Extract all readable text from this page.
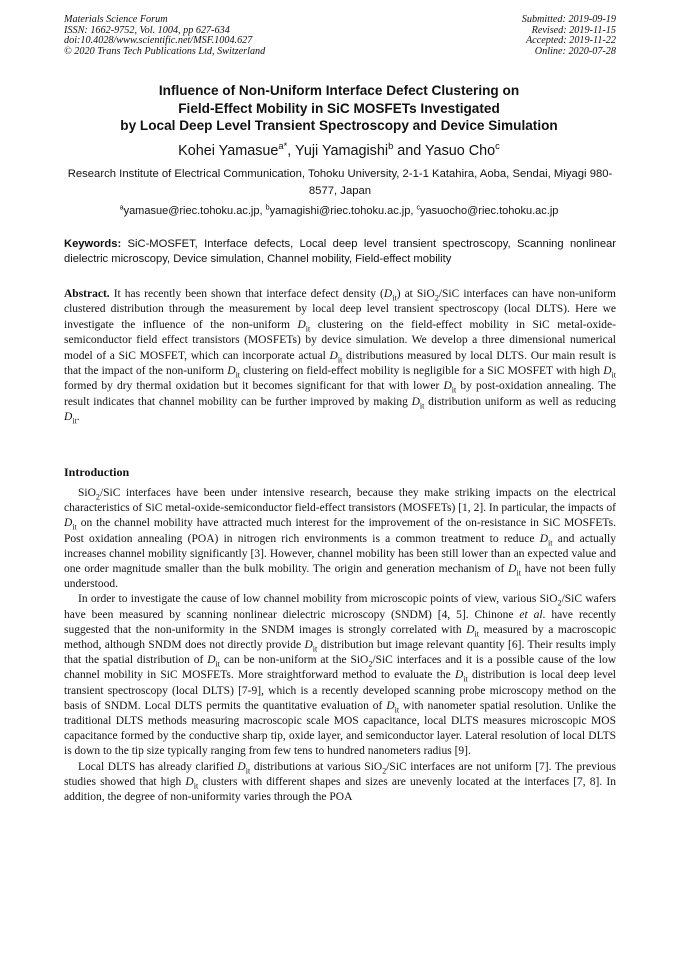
Materials Science Forum
ISSN: 1662-9752, Vol. 1004, pp 627-634
doi:10.4028/www.scientific.net/MSF.1004.627
© 2020 Trans Tech Publications Ltd, Switzerland
Submitted: 2019-09-19
Revised: 2019-11-15
Accepted: 2019-11-22
Online: 2020-07-28
Influence of Non-Uniform Interface Defect Clustering on
Field-Effect Mobility in SiC MOSFETs Investigated
by Local Deep Level Transient Spectroscopy and Device Simulation
Kohei Yamasue$^{a*}$, Yuji Yamagishi$^b$ and Yasuo Cho$^c$
Research Institute of Electrical Communication, Tohoku University, 2-1-1 Katahira, Aoba, Sendai, Miyagi 980-8577, Japan
$^a$yamasue@riec.tohoku.ac.jp, $^b$yamagishi@riec.tohoku.ac.jp, $^c$yasuocho@riec.tohoku.ac.jp
Keywords: SiC-MOSFET, Interface defects, Local deep level transient spectroscopy, Scanning nonlinear dielectric microscopy, Device simulation, Channel mobility, Field-effect mobility
Abstract. It has recently been shown that interface defect density $(D_{it})$ at SiO$_2$/SiC interfaces can have non-uniform clustered distribution through the measurement by local deep level transient spectroscopy (local DLTS). Here we investigate the influence of the non-uniform $D_{it}$ clustering on the field-effect mobility in SiC metal-oxide-semiconductor field effect transistors (MOSFETs) by device simulation. We develop a three dimensional numerical model of a SiC MOSFET, which can incorporate actual $D_{it}$ distributions measured by local DLTS. Our main result is that the impact of the non-uniform $D_{it}$ clustering on field-effect mobility is negligible for a SiC MOSFET with high $D_{it}$ formed by dry thermal oxidation but it becomes significant for that with lower $D_{it}$ by post-oxidation annealing. The result indicates that channel mobility can be further improved by making $D_{it}$ distribution uniform as well as reducing $D_{it}$.
Introduction

SiO$_2$/SiC interfaces have been under intensive research, because they make striking impacts on the electrical characteristics of SiC metal-oxide-semiconductor field-effect transistors (MOSFETs) [1, 2]. In particular, the impacts of $D_{it}$ on the channel mobility have attracted much interest for the improvement of the on-resistance in SiC MOSFETs. Post oxidation annealing (POA) in nitrogen rich environments is a common treatment to reduce $D_{it}$ and actually increases channel mobility significantly [3]. However, channel mobility has been still lower than an expected value and one order magnitude smaller than the bulk mobility. The origin and generation mechanism of $D_{it}$ have not been fully understood.

In order to investigate the cause of low channel mobility from microscopic points of view, various SiO$_2$/SiC wafers have been measured by scanning nonlinear dielectric microscopy (SNDM) [4, 5]. Chinone et al. have recently suggested that the non-uniformity in the SNDM images is strongly correlated with $D_{it}$ measured by a macroscopic method, although SNDM does not directly provide $D_{it}$ distribution but image relevant quantity [6]. Their results imply that the spatial distribution of $D_{it}$ can be non-uniform at the SiO$_2$/SiC interfaces and it is a possible cause of the low channel mobility in SiC MOSFETs. More straightforward method to evaluate the $D_{it}$ distribution is local deep level transient spectroscopy (local DLTS) [7-9], which is a recently developed scanning probe microscopy method on the basis of SNDM. Local DLTS permits the quantitative evaluation of $D_{it}$ with nanometer spatial resolution. Unlike the traditional DLTS methods measuring macroscopic scale MOS capacitance, local DLTS measures microscopic MOS capacitance formed by the conductive sharp tip, oxide layer, and semiconductor layer. Lateral resolution of local DLTS is down to the tip size typically ranging from few tens to hundred nanometers radius [9].

Local DLTS has already clarified $D_{it}$ distributions at various SiO$_2$/SiC interfaces are not uniform [7]. The previous studies showed that high $D_{it}$ clusters with different shapes and sizes are unevenly located at the interfaces [7, 8]. In addition, the degree of non-uniformity varies through the POA
